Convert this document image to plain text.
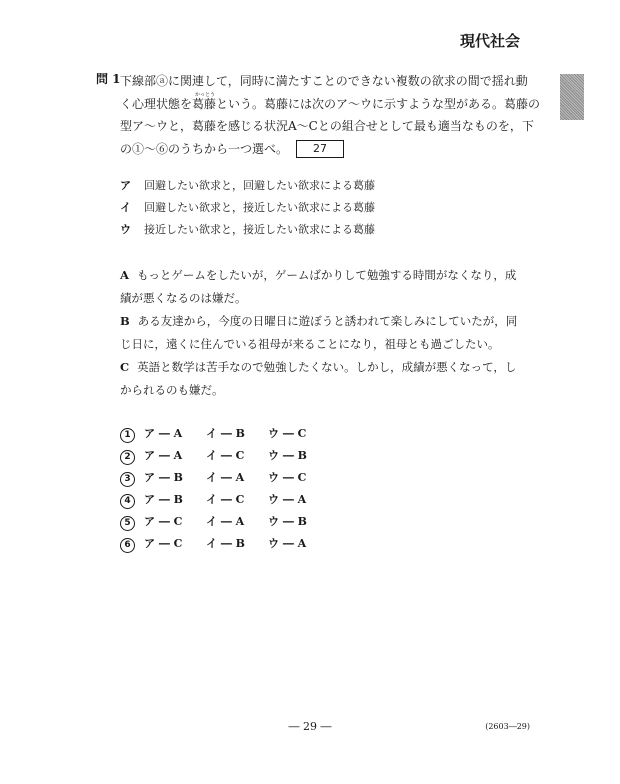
現代社会
問 1 下線部ⓐに関連して，同時に満たすことのできない複数の欲求の間で揺れ動
く心理状態を葛藤という。葛藤には次のア〜ウに示すような型がある。葛藤の
かっとう
型ア〜ウと，葛藤を感じる状況A〜Cとの組合せとして最も適当なものを，下
の①〜⑥のうちから一つ選べ。 27
ア 回避したい欲求と，回避したい欲求による葛藤
イ 回避したい欲求と，接近したい欲求による葛藤
ウ 接近したい欲求と，接近したい欲求による葛藤
A もっとゲームをしたいが，ゲームばかりして勉強する時間がなくなり，成
績が悪くなるのは嫌だ。
B ある友達から，今度の日曜日に遊ぼうと誘われて楽しみにしていたが，同
じ日に，遠くに住んでいる祖母が来ることになり，祖母とも過ごしたい。
C 英語と数学は苦手なので勉強したくない。しかし，成績が悪くなって，し
かられるのも嫌だ。
1 ア ― A イ ― B ウ ― C
2 ア ― A イ ― C ウ ― B
3 ア ― B イ ― A ウ ― C
4 ア ― B イ ― C ウ ― A
5 ア ― C イ ― A ウ ― B
6 ア ― C イ ― B ウ ― A
― 29 ―	(2603―29)
